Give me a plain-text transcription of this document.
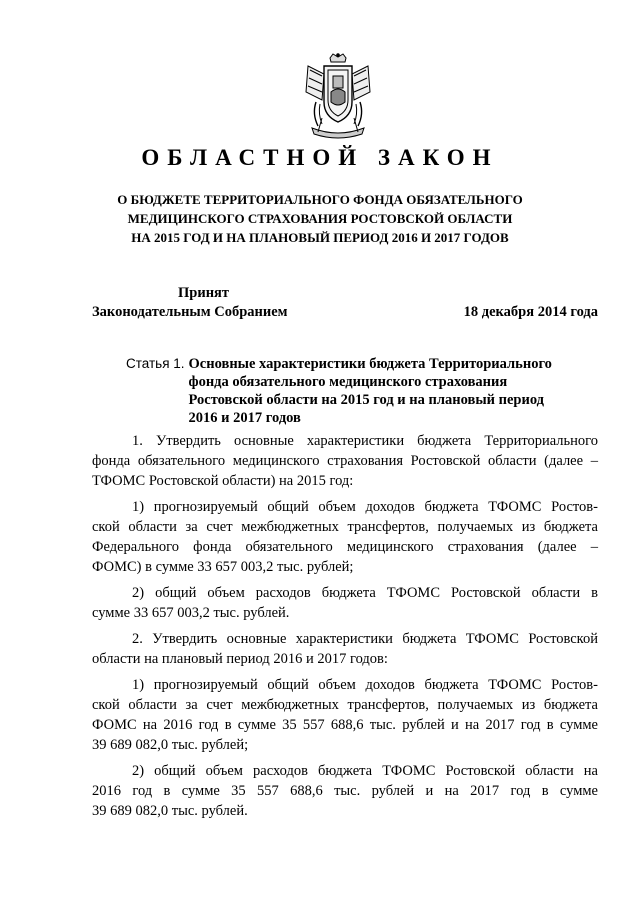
ОБЛАСТНОЙ ЗАКОН
О БЮДЖЕТЕ ТЕРРИТОРИАЛЬНОГО ФОНДА ОБЯЗАТЕЛЬНОГО
МЕДИЦИНСКОГО СТРАХОВАНИЯ РОСТОВСКОЙ ОБЛАСТИ
НА 2015 ГОД И НА ПЛАНОВЫЙ ПЕРИОД 2016 И 2017 ГОДОВ
Принят
Законодательным Собранием	18 декабря 2014 года
Статья 1. Основные характеристики бюджета Территориального
фонда обязательного медицинского страхования
Ростовской области на 2015 год и на плановый период
2016 и 2017 годов

1. Утвердить основные характеристики бюджета Территориального
фонда обязательного медицинского страхования Ростовской области (далее –
ТФОМС Ростовской области) на 2015 год:

1) прогнозируемый общий объем доходов бюджета ТФОМС Ростов-
ской области за счет межбюджетных трансфертов, получаемых из бюджета
Федерального фонда обязательного медицинского страхования (далее –
ФОМС) в сумме 33 657 003,2 тыс. рублей;

2) общий объем расходов бюджета ТФОМС Ростовской области в
сумме 33 657 003,2 тыс. рублей.

2. Утвердить основные характеристики бюджета ТФОМС Ростовской
области на плановый период 2016 и 2017 годов:

1) прогнозируемый общий объем доходов бюджета ТФОМС Ростов-
ской области за счет межбюджетных трансфертов, получаемых из бюджета
ФОМС на 2016 год в сумме 35 557 688,6 тыс. рублей и на 2017 год в сумме
39 689 082,0 тыс. рублей;

2) общий объем расходов бюджета ТФОМС Ростовской области на
2016 год в сумме 35 557 688,6 тыс. рублей и на 2017 год в сумме
39 689 082,0 тыс. рублей.
